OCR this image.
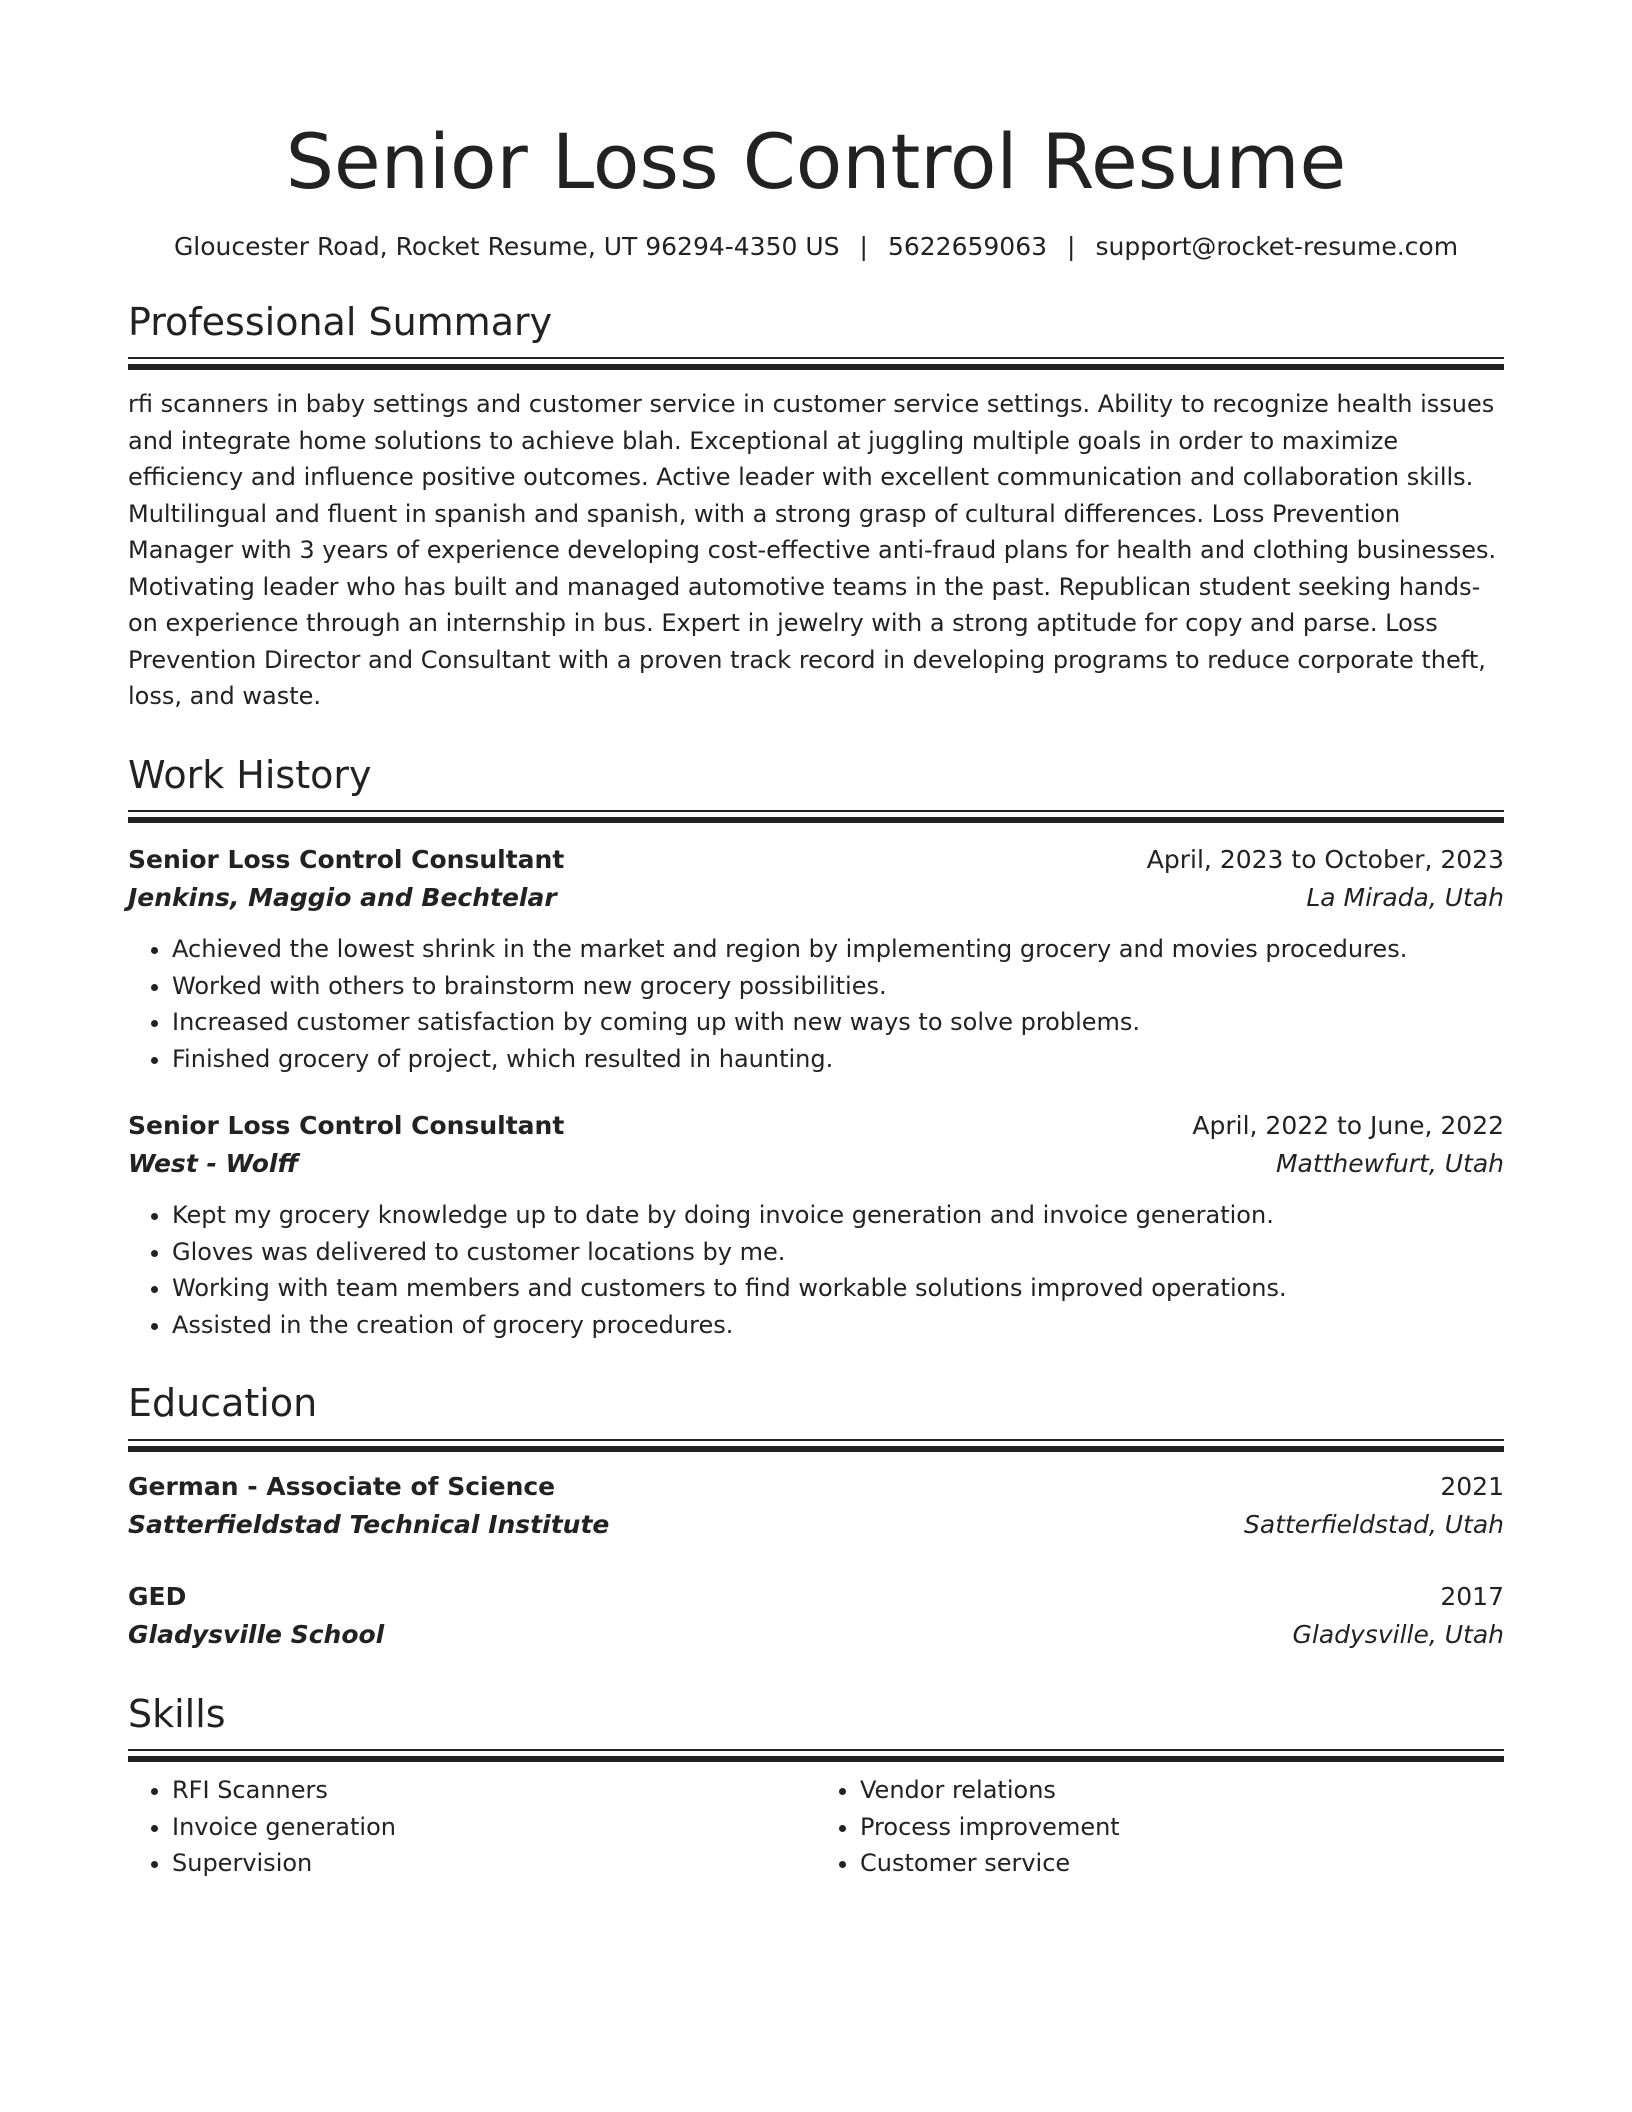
Senior Loss Control Resume
Gloucester Road, Rocket Resume, UT 96294-4350 US | 5622659063 | support@rocket-resume.com
Professional Summary
rfi scanners in baby settings and customer service in customer service settings. Ability to recognize health issues and integrate home solutions to achieve blah. Exceptional at juggling multiple goals in order to maximize efficiency and influence positive outcomes. Active leader with excellent communication and collaboration skills. Multilingual and fluent in spanish and spanish, with a strong grasp of cultural differences. Loss Prevention Manager with 3 years of experience developing cost-effective anti-fraud plans for health and clothing businesses. Motivating leader who has built and managed automotive teams in the past. Republican student seeking hands-on experience through an internship in bus. Expert in jewelry with a strong aptitude for copy and parse. Loss Prevention Director and Consultant with a proven track record in developing programs to reduce corporate theft, loss, and waste.
Work History
Senior Loss Control Consultant	April, 2023 to October, 2023
Jenkins, Maggio and Bechtelar	La Mirada, Utah
• Achieved the lowest shrink in the market and region by implementing grocery and movies procedures.
• Worked with others to brainstorm new grocery possibilities.
• Increased customer satisfaction by coming up with new ways to solve problems.
• Finished grocery of project, which resulted in haunting.
Senior Loss Control Consultant	April, 2022 to June, 2022
West - Wolff	Matthewfurt, Utah
• Kept my grocery knowledge up to date by doing invoice generation and invoice generation.
• Gloves was delivered to customer locations by me.
• Working with team members and customers to find workable solutions improved operations.
• Assisted in the creation of grocery procedures.
Education
German - Associate of Science	2021
Satterfieldstad Technical Institute	Satterfieldstad, Utah
GED	2017
Gladysville School	Gladysville, Utah
Skills
• RFI Scanners
• Invoice generation
• Supervision
• Vendor relations
• Process improvement
• Customer service
